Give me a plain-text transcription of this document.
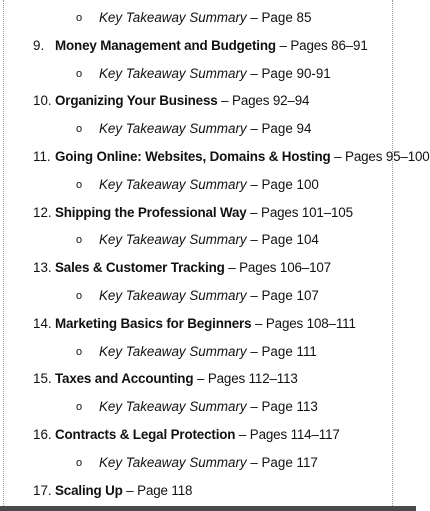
o Key Takeaway Summary – Page 85
9. Money Management and Budgeting – Pages 86–91
o Key Takeaway Summary – Page 90-91
10. Organizing Your Business – Pages 92–94
o Key Takeaway Summary – Page 94
11. Going Online: Websites, Domains & Hosting – Pages 95–100
o Key Takeaway Summary – Page 100
12. Shipping the Professional Way – Pages 101–105
o Key Takeaway Summary – Page 104
13. Sales & Customer Tracking – Pages 106–107
o Key Takeaway Summary – Page 107
14. Marketing Basics for Beginners – Pages 108–111
o Key Takeaway Summary – Page 111
15. Taxes and Accounting – Pages 112–113
o Key Takeaway Summary – Page 113
16. Contracts & Legal Protection – Pages 114–117
o Key Takeaway Summary – Page 117
17. Scaling Up – Page 118
